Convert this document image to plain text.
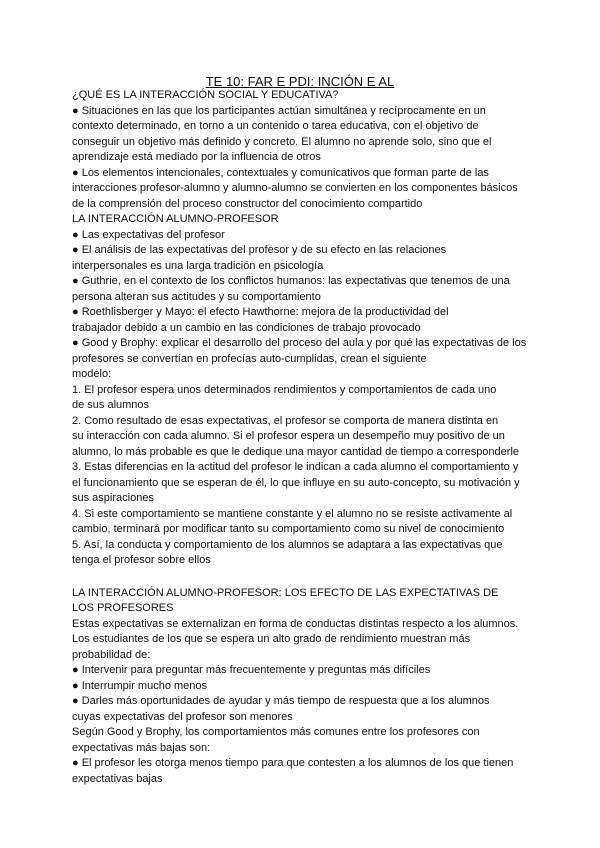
TE 10: FAR E PDI: INCIÓN E AL
¿QUÉ ES LA INTERACCIÓN SOCIAL Y EDUCATIVA?
● Situaciones en las que los participantes actúan simultánea y recíprocamente en un
contexto determinado, en torno a un contenido o tarea educativa, con el objetivo de
conseguir un objetivo más definido y concreto. El alumno no aprende solo, sino que el
aprendizaje está mediado por la influencia de otros
● Los elementos intencionales, contextuales y comunicativos que forman parte de las
interacciones profesor-alumno y alumno-alumno se convierten en los componentes básicos
de la comprensión del proceso constructor del conocimiento compartido
LA INTERACCIÓN ALUMNO-PROFESOR
● Las expectativas del profesor
● El análisis de las expectativas del profesor y de su efecto en las relaciones
interpersonales es una larga tradición en psicología
● Guthrie, en el contexto de los conflictos humanos: las expectativas que tenemos de una
persona alteran sus actitudes y su comportamiento
● Roethlisberger y Mayo: el efecto Hawthorne: mejora de la productividad del
trabajador debido a un cambio en las condiciones de trabajo provocado
● Good y Brophy: explicar el desarrollo del proceso del aula y por qué las expectativas de los
profesores se convertían en profecías auto-cumplidas, crean el siguiente
modelo:
1. El profesor espera unos determinados rendimientos y comportamientos de cada uno
de sus alumnos
2. Como resultado de esas expectativas, el profesor se comporta de manera distinta en
su interacción con cada alumno. Si el profesor espera un desempeño muy positivo de un
alumno, lo más probable es que le dedique una mayor cantidad de tiempo a corresponderle
3. Estas diferencias en la actitud del profesor le indican a cada alumno el comportamiento y
el funcionamiento que se esperan de él, lo que influye en su auto-concepto, su motivación y
sus aspiraciones
4. Si este comportamiento se mantiene constante y el alumno no se resiste activamente al
cambio, terminará por modificar tanto su comportamiento como su nivel de conocimiento
5. Así, la conducta y comportamiento de los alumnos se adaptara a las expectativas que
tenga el profesor sobre ellos
LA INTERACCIÓN ALUMNO-PROFESOR: LOS EFECTO DE LAS EXPECTATIVAS DE
LOS PROFESORES
Estas expectativas se externalizan en forma de conductas distintas respecto a los alumnos.
Los estudiantes de los que se espera un alto grado de rendimiento muestran más
probabilidad de:
● Intervenir para preguntar más frecuentemente y preguntas más difíciles
● Interrumpir mucho menos
● Darles más oportunidades de ayudar y más tiempo de respuesta que a los alumnos
cuyas expectativas del profesor son menores
Según Good y Brophy, los comportamientos más comunes entre los profesores con
expectativas más bajas son:
● El profesor les otorga menos tiempo para que contesten a los alumnos de los que tienen
expectativas bajas
